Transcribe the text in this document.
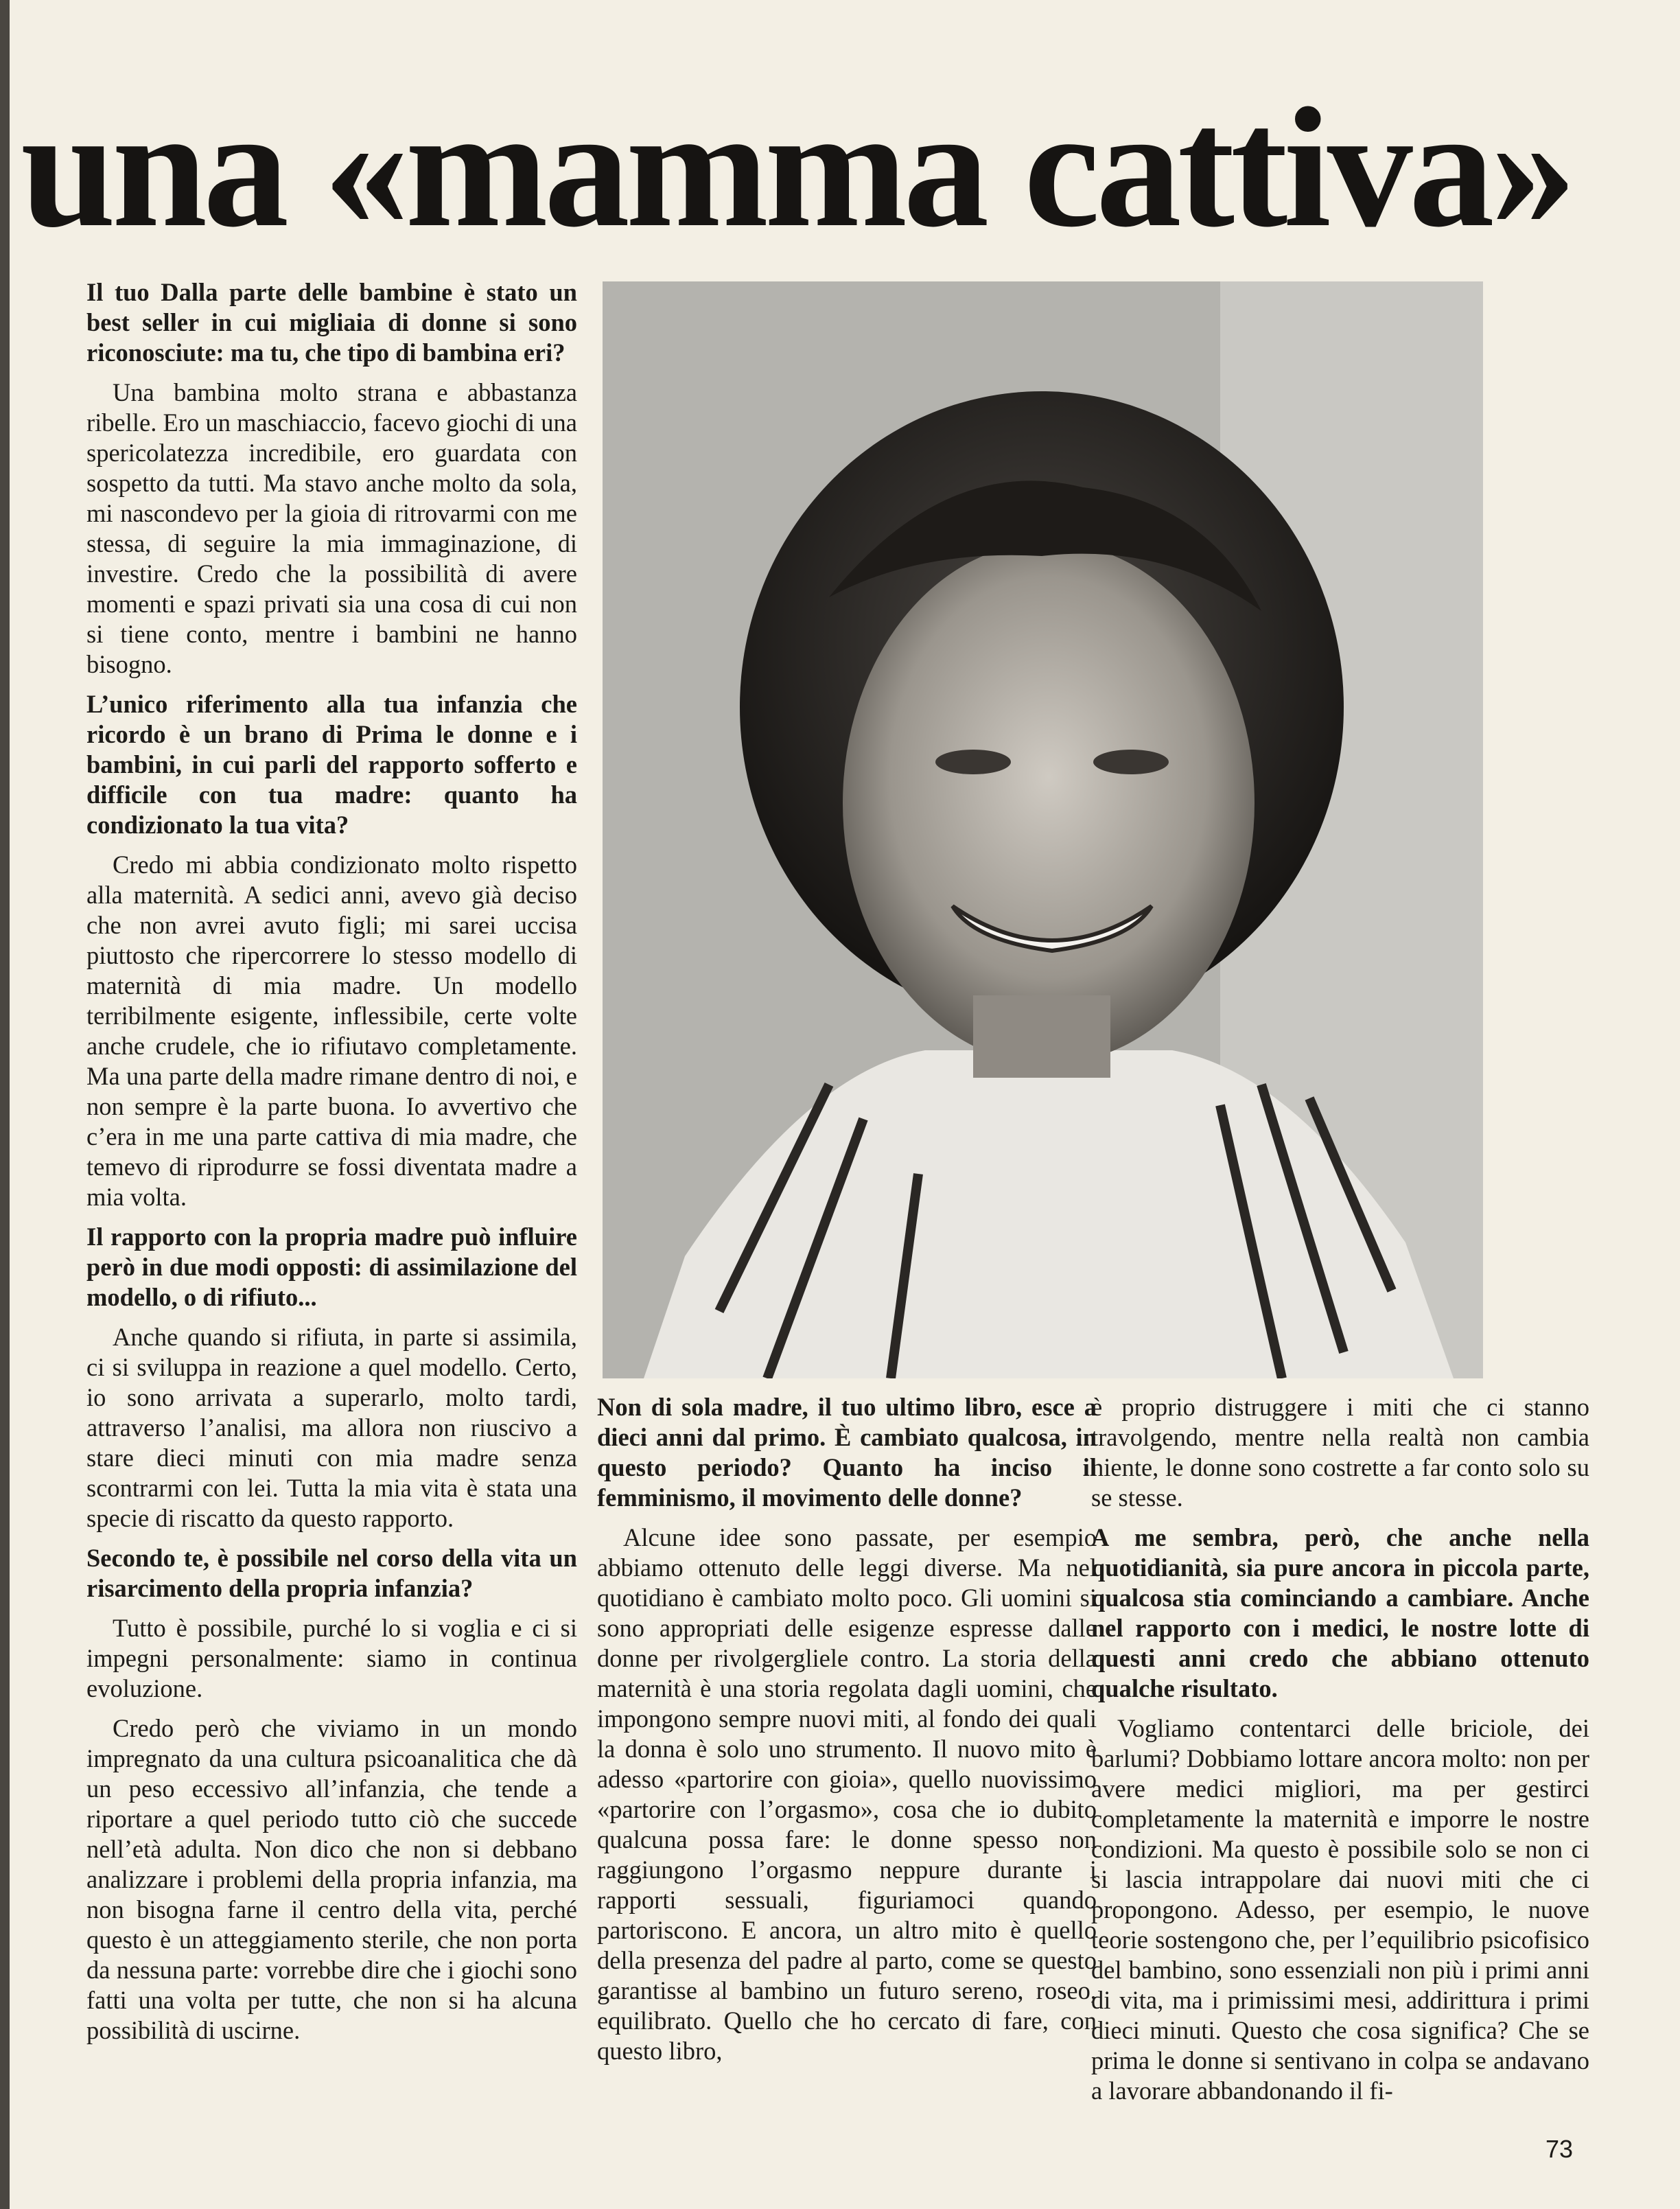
una «mamma cattiva»

Il tuo Dalla parte delle bambine è stato un best seller in cui migliaia di donne si sono riconosciute: ma tu, che tipo di bambina eri?

Una bambina molto strana e abbastanza ribelle. Ero un maschiaccio, facevo giochi di una spericolatezza incredibile, ero guardata con sospetto da tutti. Ma stavo anche molto da sola, mi nascondevo per la gioia di ritrovarmi con me stessa, di seguire la mia immaginazione, di investire. Credo che la possibilità di avere momenti e spazi privati sia una cosa di cui non si tiene conto, mentre i bambini ne hanno bisogno.

L’unico riferimento alla tua infanzia che ricordo è un brano di Prima le donne e i bambini, in cui parli del rapporto sofferto e difficile con tua madre: quanto ha condizionato la tua vita?

Credo mi abbia condizionato molto rispetto alla maternità. A sedici anni, avevo già deciso che non avrei avuto figli; mi sarei uccisa piuttosto che ripercorrere lo stesso modello di maternità di mia madre. Un modello terribilmente esigente, inflessibile, certe volte anche crudele, che io rifiutavo completamente. Ma una parte della madre rimane dentro di noi, e non sempre è la parte buona. Io avvertivo che c’era in me una parte cattiva di mia madre, che temevo di riprodurre se fossi diventata madre a mia volta.

Il rapporto con la propria madre può influire però in due modi opposti: di assimilazione del modello, o di rifiuto...

Anche quando si rifiuta, in parte si assimila, ci si sviluppa in reazione a quel modello. Certo, io sono arrivata a superarlo, molto tardi, attraverso l’analisi, ma allora non riuscivo a stare dieci minuti con mia madre senza scontrarmi con lei. Tutta la mia vita è stata una specie di riscatto da questo rapporto.

Secondo te, è possibile nel corso della vita un risarcimento della propria infanzia?

Tutto è possibile, purché lo si voglia e ci si impegni personalmente: siamo in continua evoluzione.

Credo però che viviamo in un mondo impregnato da una cultura psicoanalitica che dà un peso eccessivo all’infanzia, che tende a riportare a quel periodo tutto ciò che succede nell’età adulta. Non dico che non si debbano analizzare i problemi della propria infanzia, ma non bisogna farne il centro della vita, perché questo è un atteggiamento sterile, che non porta da nessuna parte: vorrebbe dire che i giochi sono fatti una volta per tutte, che non si ha alcuna possibilità di uscirne.

Non di sola madre, il tuo ultimo libro, esce a dieci anni dal primo. È cambiato qualcosa, in questo periodo? Quanto ha inciso il femminismo, il movimento delle donne?

Alcune idee sono passate, per esempio abbiamo ottenuto delle leggi diverse. Ma nel quotidiano è cambiato molto poco. Gli uomini si sono appropriati delle esigenze espresse dalle donne per rivolgergliele contro. La storia della maternità è una storia regolata dagli uomini, che impongono sempre nuovi miti, al fondo dei quali la donna è solo uno strumento. Il nuovo mito è adesso «partorire con gioia», quello nuovissimo «partorire con l’orgasmo», cosa che io dubito qualcuna possa fare: le donne spesso non raggiungono l’orgasmo neppure durante i rapporti sessuali, figuriamoci quando partoriscono. E ancora, un altro mito è quello della presenza del padre al parto, come se questo garantisse al bambino un futuro sereno, roseo, equilibrato. Quello che ho cercato di fare, con questo libro,

è proprio distruggere i miti che ci stanno travolgendo, mentre nella realtà non cambia niente, le donne sono costrette a far conto solo su se stesse.

A me sembra, però, che anche nella quotidianità, sia pure ancora in piccola parte, qualcosa stia cominciando a cambiare. Anche nel rapporto con i medici, le nostre lotte di questi anni credo che abbiano ottenuto qualche risultato.

Vogliamo contentarci delle briciole, dei barlumi? Dobbiamo lottare ancora molto: non per avere medici migliori, ma per gestirci completamente la maternità e imporre le nostre condizioni. Ma questo è possibile solo se non ci si lascia intrappolare dai nuovi miti che ci propongono. Adesso, per esempio, le nuove teorie sostengono che, per l’equilibrio psicofisico del bambino, sono essenziali non più i primi anni di vita, ma i primissimi mesi, addirittura i primi dieci minuti. Questo che cosa significa? Che se prima le donne si sentivano in colpa se andavano a lavorare abbandonando il fi-

73
